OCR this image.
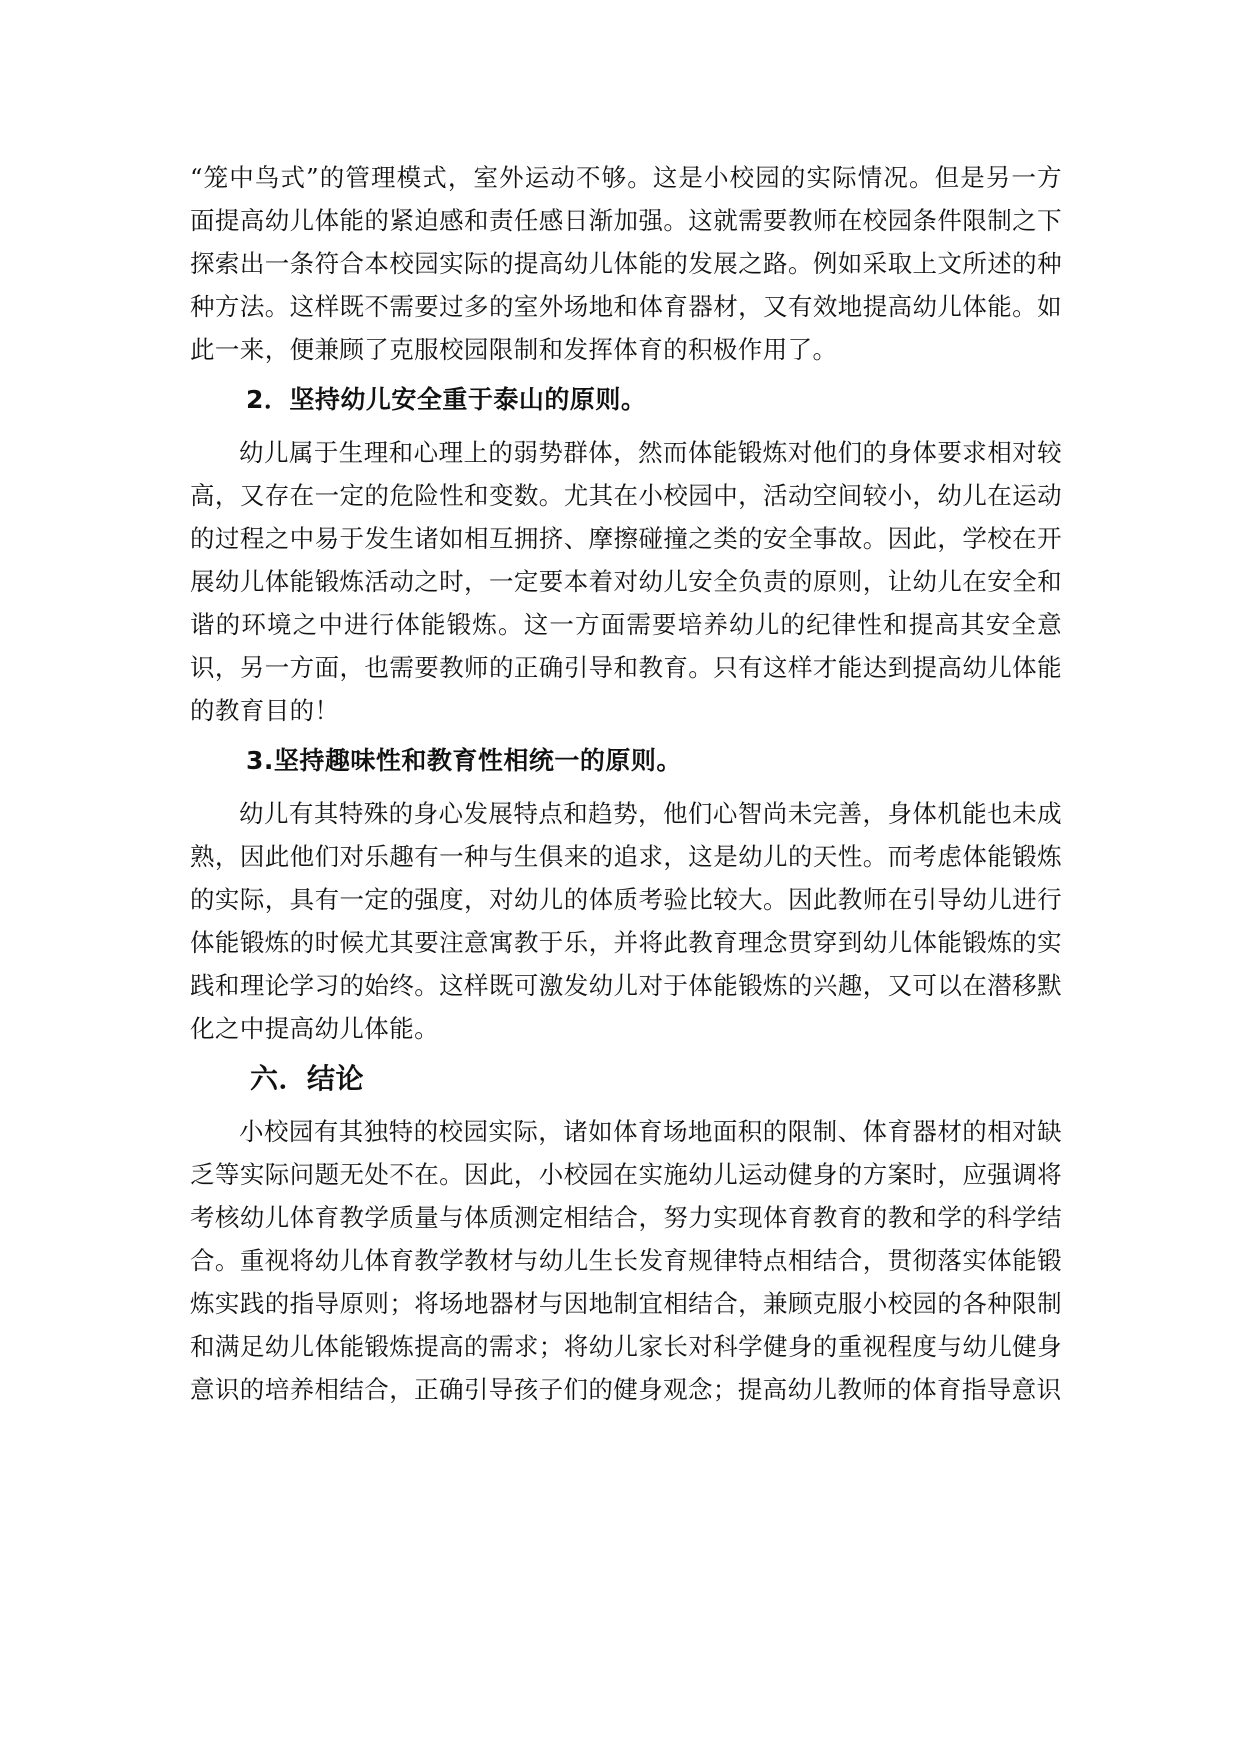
“笼中鸟式”的管理模式，室外运动不够。这是小校园的实际情况。但是另一方面提高幼儿体能的紧迫感和责任感日渐加强。这就需要教师在校园条件限制之下探索出一条符合本校园实际的提高幼儿体能的发展之路。例如采取上文所述的种种方法。这样既不需要过多的室外场地和体育器材，又有效地提高幼儿体能。如此一来，便兼顾了克服校园限制和发挥体育的积极作用了。

2．坚持幼儿安全重于泰山的原则。

幼儿属于生理和心理上的弱势群体，然而体能锻炼对他们的身体要求相对较高，又存在一定的危险性和变数。尤其在小校园中，活动空间较小，幼儿在运动的过程之中易于发生诸如相互拥挤、摩擦碰撞之类的安全事故。因此，学校在开展幼儿体能锻炼活动之时，一定要本着对幼儿安全负责的原则，让幼儿在安全和谐的环境之中进行体能锻炼。这一方面需要培养幼儿的纪律性和提高其安全意识，另一方面，也需要教师的正确引导和教育。只有这样才能达到提高幼儿体能的教育目的！

3.坚持趣味性和教育性相统一的原则。

幼儿有其特殊的身心发展特点和趋势，他们心智尚未完善，身体机能也未成熟，因此他们对乐趣有一种与生俱来的追求，这是幼儿的天性。而考虑体能锻炼的实际，具有一定的强度，对幼儿的体质考验比较大。因此教师在引导幼儿进行体能锻炼的时候尤其要注意寓教于乐，并将此教育理念贯穿到幼儿体能锻炼的实践和理论学习的始终。这样既可激发幼儿对于体能锻炼的兴趣，又可以在潜移默化之中提高幼儿体能。

六．结论

小校园有其独特的校园实际，诸如体育场地面积的限制、体育器材的相对缺乏等实际问题无处不在。因此，小校园在实施幼儿运动健身的方案时，应强调将考核幼儿体育教学质量与体质测定相结合，努力实现体育教育的教和学的科学结合。重视将幼儿体育教学教材与幼儿生长发育规律特点相结合，贯彻落实体能锻炼实践的指导原则；将场地器材与因地制宜相结合，兼顾克服小校园的各种限制和满足幼儿体能锻炼提高的需求；将幼儿家长对科学健身的重视程度与幼儿健身意识的培养相结合，正确引导孩子们的健身观念；提高幼儿教师的体育指导意识
